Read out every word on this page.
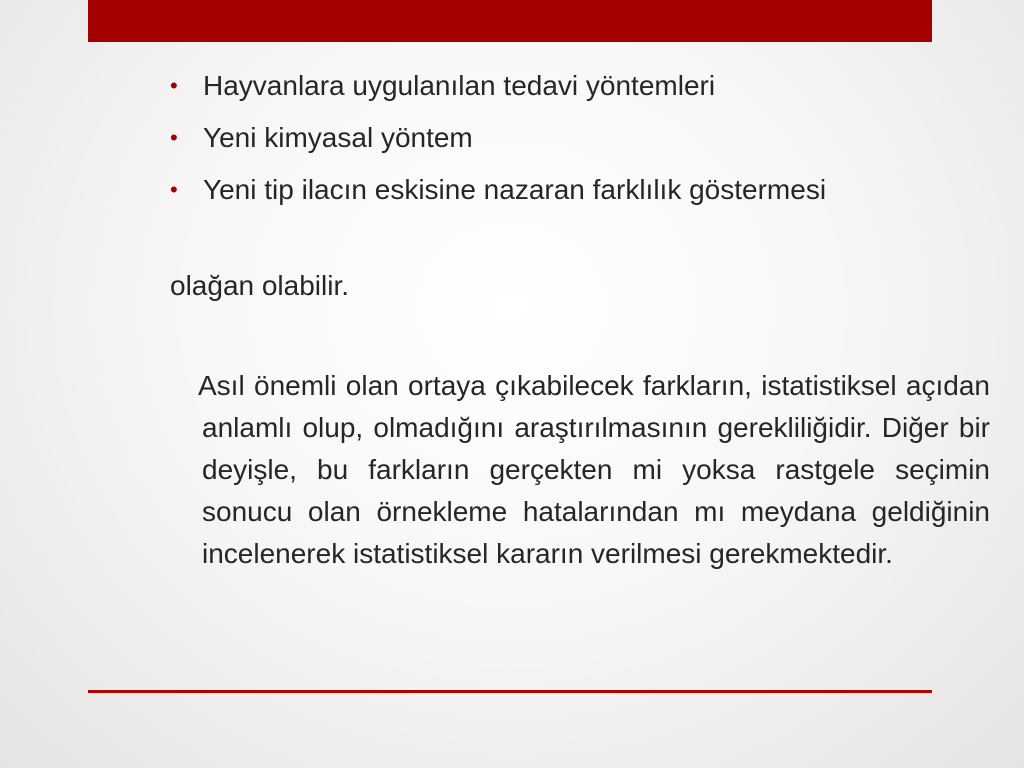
• Hayvanlara uygulanılan tedavi yöntemleri
• Yeni kimyasal yöntem
• Yeni tip ilacın eskisine nazaran farklılık göstermesi

olağan olabilir.

Asıl önemli olan ortaya çıkabilecek farkların, istatistiksel açıdan anlamlı olup, olmadığını araştırılmasının gerekliliğidir. Diğer bir deyişle, bu farkların gerçekten mi yoksa rastgele seçimin sonucu olan örnekleme hatalarından mı meydana geldiğinin incelenerek istatistiksel kararın verilmesi gerekmektedir.
